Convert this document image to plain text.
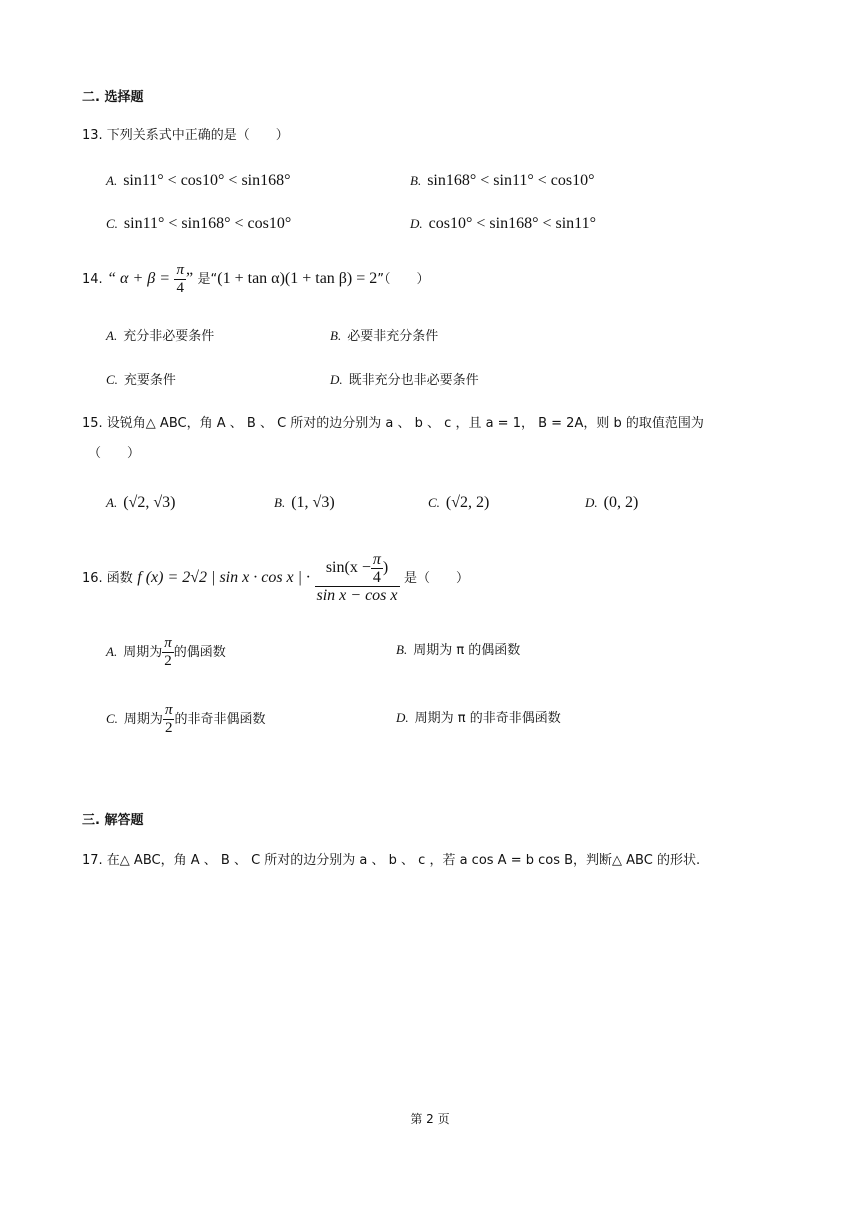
二. 选择题
13. 下列关系式中正确的是（　　）
A. sin11° < cos10° < sin168°	B. sin168° < sin11° < cos10°
C. sin11° < sin168° < cos10°	D. cos10° < sin168° < sin11°
14. “ $\alpha + \beta = \frac{\pi}{4}$ ” 是“(1 + tan α)(1 + tan β) = 2”（　　）
A. 充分非必要条件	B. 必要非充分条件
C. 充要条件	D. 既非充分也非必要条件
15. 设锐角△ ABC，角 A 、 B 、 C 所对的边分别为 a 、 b 、 c ，且 a = 1， B = 2A，则 b 的取值范围为
（　　）
A. (√2, √3)	B. (1, √3)	C. (√2, 2)	D. (0, 2)
16. 函数 f (x) = 2√2 | sin x · cos x | · $\frac{\sin(x - \frac{\pi}{4} )}{\text{sin x − cos x}}$ 是（　　）
A. 周期为 $\frac{\pi}{2}$ 的偶函数	B. 周期为 π 的偶函数
C. 周期为 $\frac{\pi}{2}$ 的非奇非偶函数	D. 周期为 π 的非奇非偶函数
三. 解答题
17. 在△ ABC，角 A 、 B 、 C 所对的边分别为 a 、 b 、 c ，若 a cos A = b cos B，判断△ ABC 的形状.
第 2 页
